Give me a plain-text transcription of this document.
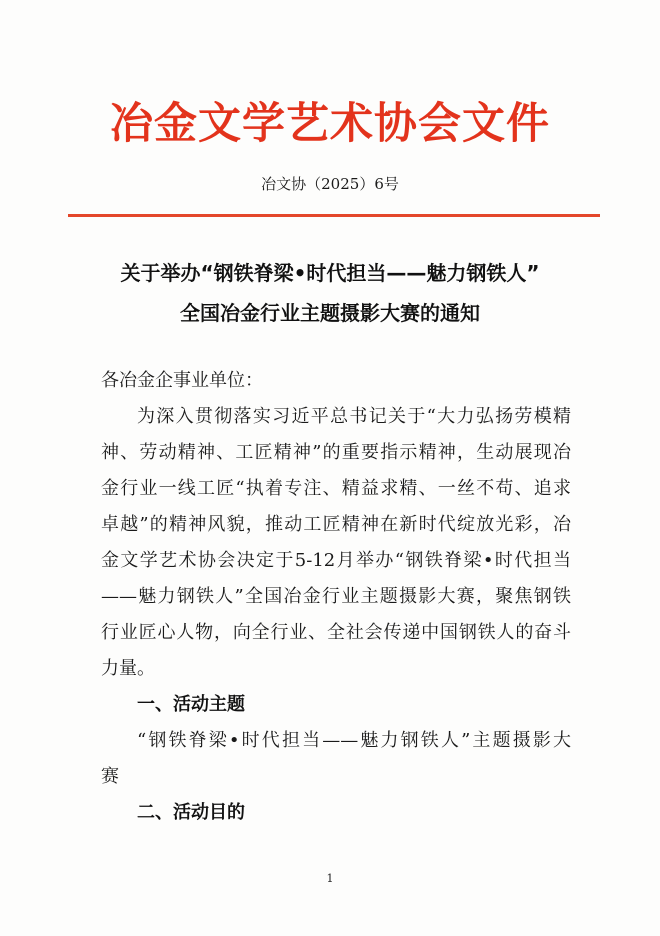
冶金文学艺术协会文件
冶文协（2025）6号
关于举办“钢铁脊梁•时代担当——魅力钢铁人”
全国冶金行业主题摄影大赛的通知
各冶金企事业单位：
为深入贯彻落实习近平总书记关于“大力弘扬劳模精
神、劳动精神、工匠精神”的重要指示精神，生动展现冶
金行业一线工匠“执着专注、精益求精、一丝不苟、追求
卓越”的精神风貌，推动工匠精神在新时代绽放光彩，冶
金文学艺术协会决定于5-12月举办“钢铁脊梁•时代担当
——魅力钢铁人”全国冶金行业主题摄影大赛，聚焦钢铁
行业匠心人物，向全行业、全社会传递中国钢铁人的奋斗
力量。
一、活动主题
“钢铁脊梁•时代担当——魅力钢铁人”主题摄影大
赛
二、活动目的
1
